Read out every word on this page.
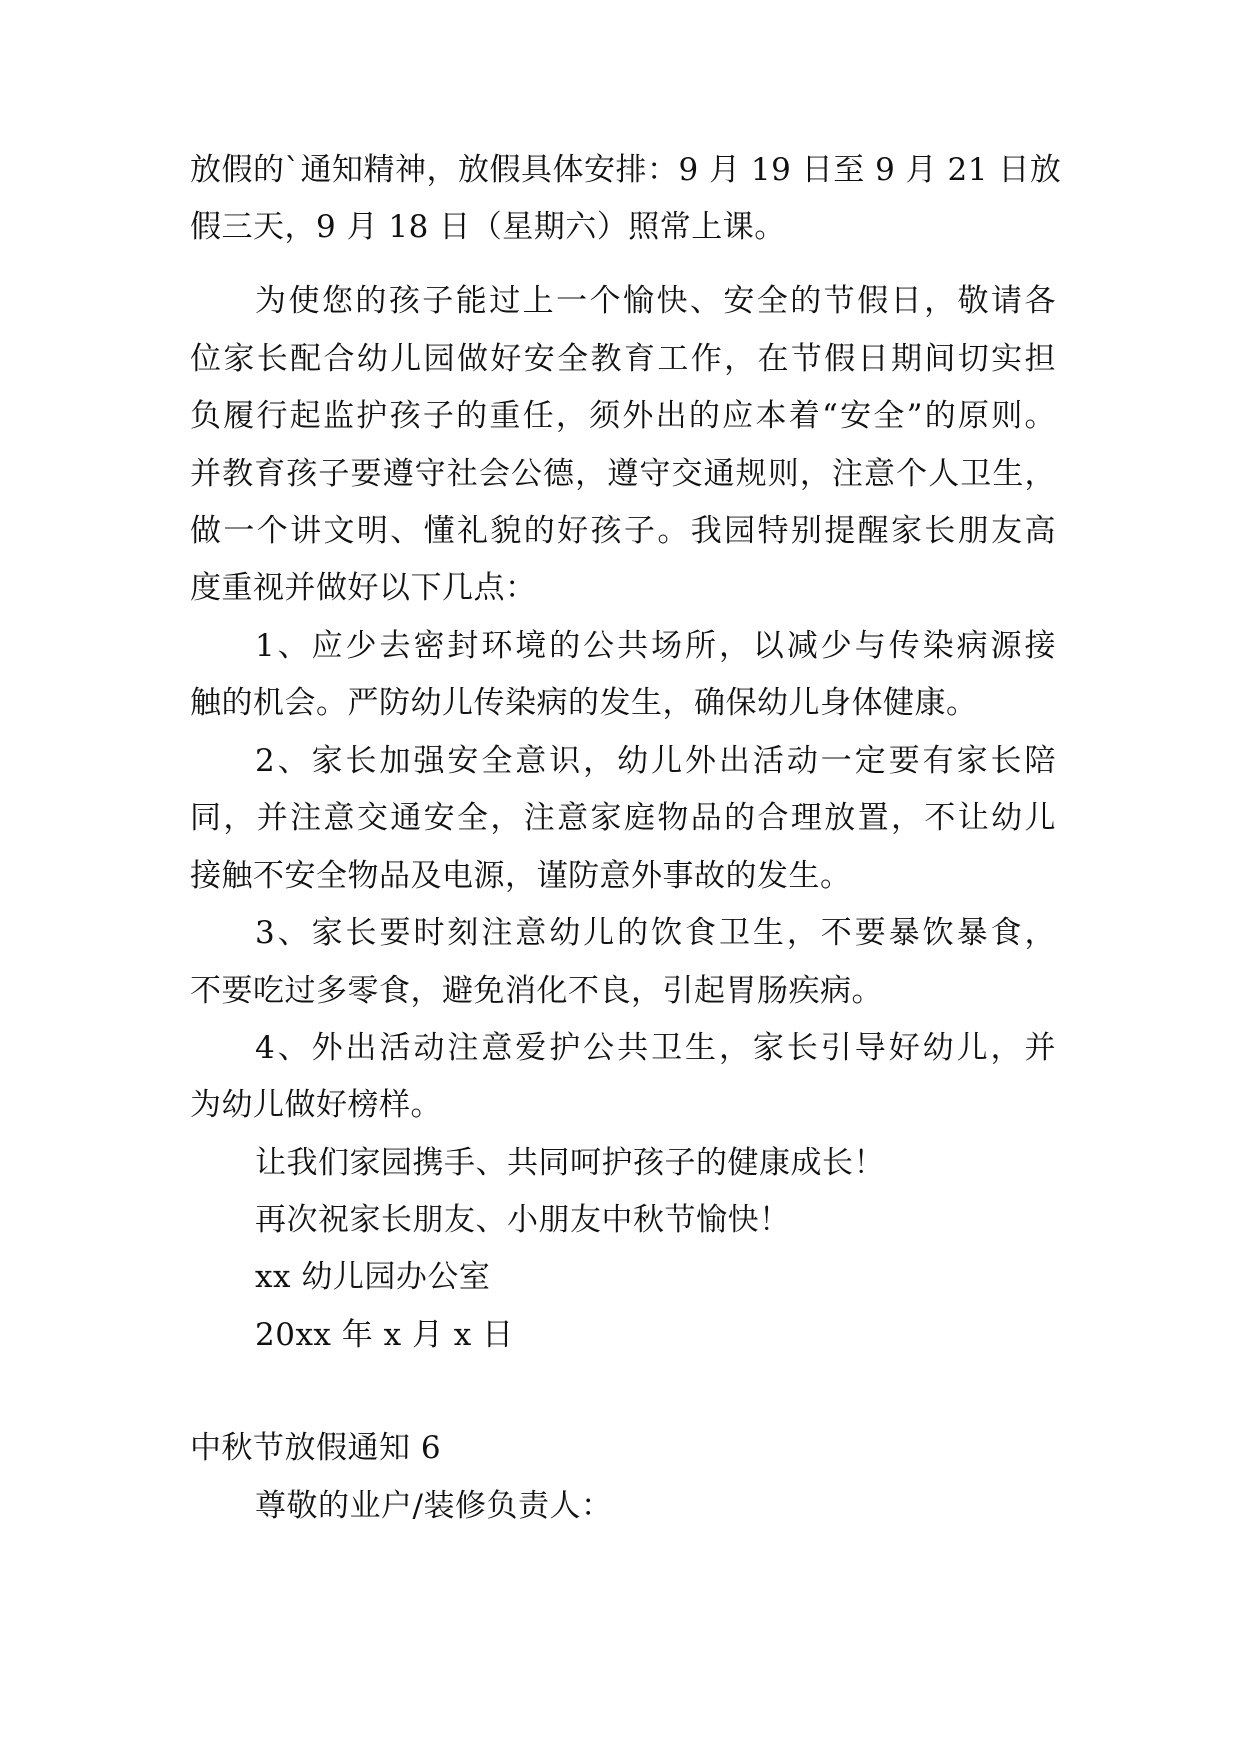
放假的`通知精神，放假具体安排：9 月 19 日至 9 月 21 日放
假三天，9 月 18 日（星期六）照常上课。
为使您的孩子能过上一个愉快、安全的节假日，敬请各
位家长配合幼儿园做好安全教育工作，在节假日期间切实担
负履行起监护孩子的重任，须外出的应本着“安全”的原则。
并教育孩子要遵守社会公德，遵守交通规则，注意个人卫生，
做一个讲文明、懂礼貌的好孩子。我园特别提醒家长朋友高
度重视并做好以下几点：
1、应少去密封环境的公共场所，以减少与传染病源接
触的机会。严防幼儿传染病的发生，确保幼儿身体健康。
2、家长加强安全意识，幼儿外出活动一定要有家长陪
同，并注意交通安全，注意家庭物品的合理放置，不让幼儿
接触不安全物品及电源，谨防意外事故的发生。
3、家长要时刻注意幼儿的饮食卫生，不要暴饮暴食，
不要吃过多零食，避免消化不良，引起胃肠疾病。
4、外出活动注意爱护公共卫生，家长引导好幼儿，并
为幼儿做好榜样。
让我们家园携手、共同呵护孩子的健康成长！
再次祝家长朋友、小朋友中秋节愉快！
xx 幼儿园办公室
20xx 年 x 月 x 日
中秋节放假通知 6
尊敬的业户/装修负责人：
